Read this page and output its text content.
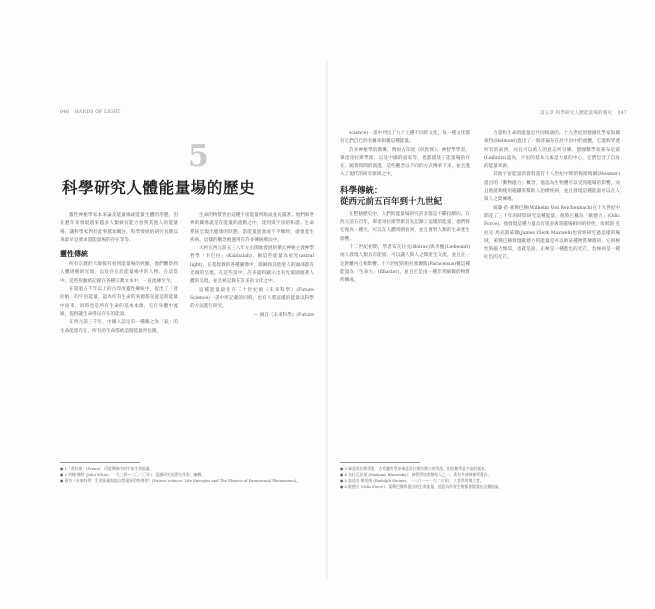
046 HANDS OF LIGHT
5
科學研究人體能量場的歷史

靈性神秘學家本來論及能量場或能量生體的形態，但在歷年來發現越來越多人類被有能力看到其他人的能量場，讓科學家對於此事越加關注。科學發展的研究長期以來最早是要求證能量場的存在等等。

靈性傳統

所有宗教的大師都有看到能量場的經驗，他們觀察到人體周圍的光環，以及存在於能量場中的人物。在這當中，這些經驗被記錄在各種宗教文本中，一直流傳至今。

在超過五千年以上的古印度靈性傳統中，提出了「普拉納」的宇宙能量。認為所有生命的來源都是從這股能量中而來，同時也是所有生命的基本本源，它在身體中流通，提供讓生命得以存在的能量。

在西元前三千年，中國人認定有一種稱之為「氣」的生命能量存在，所有的生命都被這個能量所包圍。

生命的物質皆由這種宇宙能量所組成並充滿著。他們與世界的關係就是在能量的流動之中，達到與宇宙的和諧。生命系統呈現出健康的狀態，當能量阻塞或不平衡時，就會產生疾病。這樣的觀念被運用在許多傳統療法中。

大約在西元前五三八年左右開始發展的猶太神秘主義神學哲學「卡巴拉」(Kabbalah)，稱這些能量為星光(astral light)，在基督教的各種圖像中，耶穌和其他聖人的頭部都有光環的呈現。在這些當中，許多資料顯示出有光環圍繞著人體的呈現，並且被記錄在許多的文化之中。

這種能量最先在二十世紀被《未來科學》(Future Science)一書中所記載的同時，也有人將這樣的能量以科學的方法進行研究。

— 摘自《未來科學》(Future

● 1「普拉納」(Prana)：印度傳統中的宇宙生命能量。
● 2 約翰·懷特 (John White，一九三四～二〇二〇年)：意識研究的著名作家、編輯。
● 著有《未來科學：生命能量與超自然現象的物理學》(Future science: Life Energies and The Physics of Paranormal Phenomena)。
第五章 科學研究人體能量場的歷史 047

science)一書中列出了九十七種不同的文化，每一種文化都有它們自己的名稱來指稱這種能量。

許多神秘學的教導，例如古印度《吠陀經》、神智學學者、畢達哥拉斯學派，以及中國的道家等，也都描述了能量場的存在。隨著時間的演進，這些觀念以不同的方式傳承下來，並且進入了現代的研究領域之中。

科學傳統：
從西元前五百年到十九世紀

在整個歷史中，人們的能量場研究許多都是不斷持續的。在西元前五百年，畢達哥拉斯學派首先記錄了這樣的能量，他們將它視為一種光，可以在人體周圍看到，並且會對人類的生命產生影響。

十二世紀初期，學者布瓦拉克(Boirac)與李鮑(Liebeault)兩人發現人類具有能量，可以讓人與人之間產生交流，並且在一定距離內互相影響。十六世紀的帕拉塞爾斯(Paracelsus)稱這種能量為「生命力」(Illiaster)，並且它是由一種非常細微的物質所構成。

力量和生命的能量是共同相通的。十九世紀的德國化學家海爾蒙特(Helmont)提出了一個普遍存在於宇宙中的流體，它能夠穿透所有的東西，而且可以被人的意志所引導。德國數學家萊布尼茲(Leibnitz)認為，宇宙的基本元素是力量的中心，它們包含了自身的能量來源。

其他宇宙能量的資料還有十八世紀中期的梅斯梅爾(Mesmer)提出的「動物磁力」概念，他認為生物體可以受到磁場的影響，而且他能夠使用磁鐵來幫助人治療疾病，並且發現這種能量可以在人與人之間傳遞。

威廉·范·萊興巴赫(Wilhelm Von Reichenbach)在十九世紀中期花了三十年的時間研究這種能量，他將它稱為「歐德力」(Odic Force)。他發現這種力量具有很多與電磁場相同的特性，詹姆斯·克拉克·馬克斯威爾(James Clerk Maxwell)也曾經研究過這樣的場域，萊興巴赫發現歐德力的能量是可以被某種物質傳遞的，它的極性與磁力類似，也就是說，正極是一種藍色的光芒，負極則是一種紅色的光芒。

● 3 畢達哥拉斯學派：古希臘哲學家畢達哥拉斯所創立的學派，相信數學是宇宙的根本。
● 4 布拉瓦茨基 (Madame Blavatsky)：神智學協會創始人之一，著有多部神秘學著作。
● 5 魯道夫·斯坦納 (Rudolph Steiner，一八六一～一九二五年)：人智學的創立者。
● 6 歐德力 (Odic Force)：萊興巴赫所提出的生命能量，他認為所有生物都會散發出這種能量。
